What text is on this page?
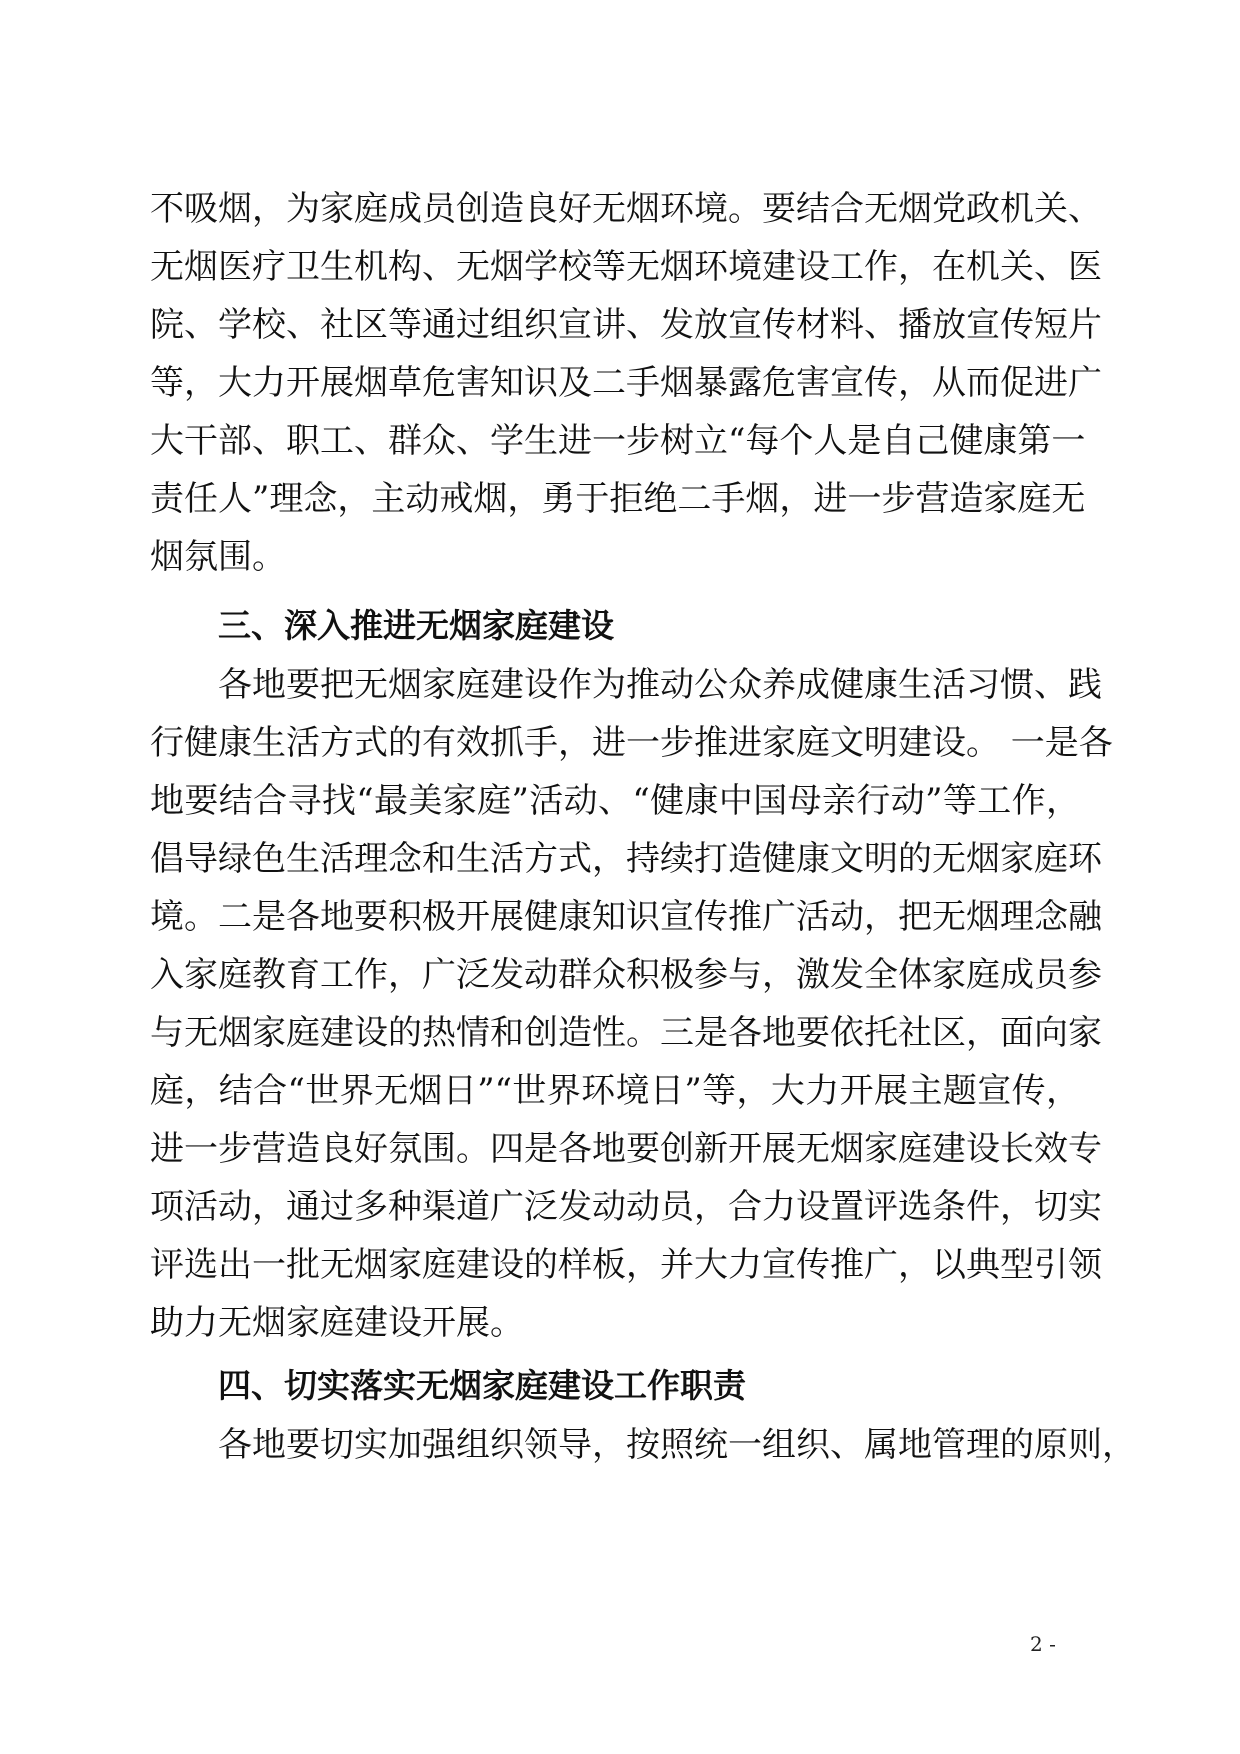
不吸烟，为家庭成员创造良好无烟环境。要结合无烟党政机关、
无烟医疗卫生机构、无烟学校等无烟环境建设工作，在机关、医
院、学校、社区等通过组织宣讲、发放宣传材料、播放宣传短片
等，大力开展烟草危害知识及二手烟暴露危害宣传，从而促进广
大干部、职工、群众、学生进一步树立“每个人是自己健康第一
责任人”理念，主动戒烟，勇于拒绝二手烟，进一步营造家庭无
烟氛围。
三、深入推进无烟家庭建设
各地要把无烟家庭建设作为推动公众养成健康生活习惯、践
行健康生活方式的有效抓手，进一步推进家庭文明建设。 一是各
地要结合寻找“最美家庭”活动、“健康中国母亲行动”等工作，
倡导绿色生活理念和生活方式，持续打造健康文明的无烟家庭环
境。二是各地要积极开展健康知识宣传推广活动，把无烟理念融
入家庭教育工作，广泛发动群众积极参与，激发全体家庭成员参
与无烟家庭建设的热情和创造性。三是各地要依托社区，面向家
庭，结合“世界无烟日”“世界环境日”等，大力开展主题宣传，
进一步营造良好氛围。四是各地要创新开展无烟家庭建设长效专
项活动，通过多种渠道广泛发动动员，合力设置评选条件，切实
评选出一批无烟家庭建设的样板，并大力宣传推广，以典型引领
助力无烟家庭建设开展。
四、切实落实无烟家庭建设工作职责
各地要切实加强组织领导，按照统一组织、属地管理的原则，
2 -
